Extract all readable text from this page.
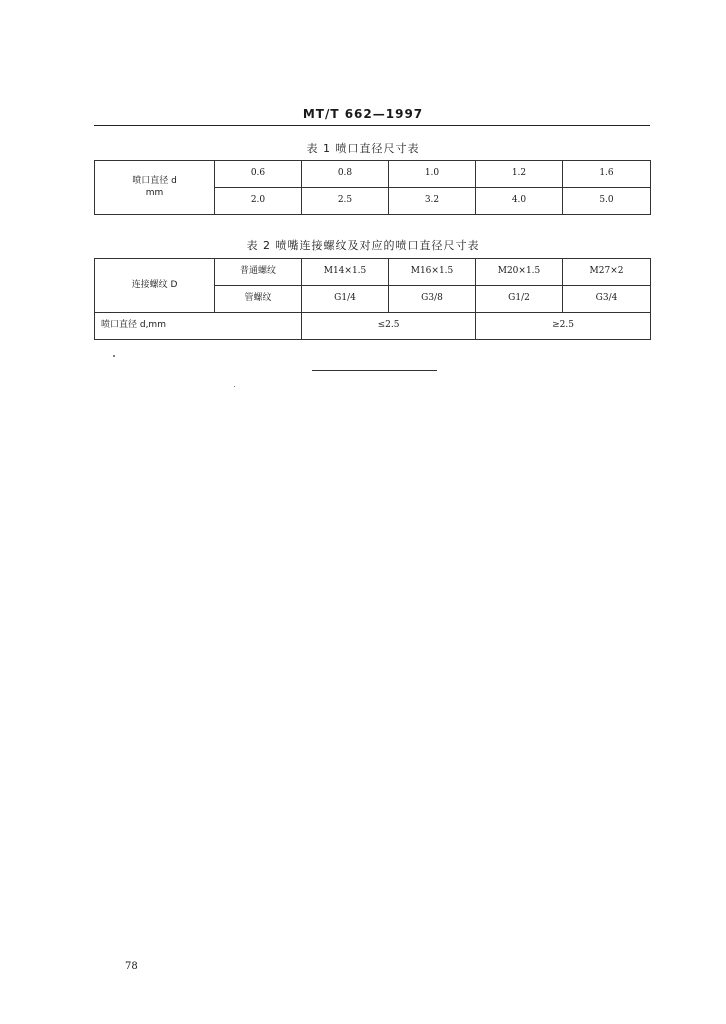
MT/T 662—1997
表 1 喷口直径尺寸表
喷口直径 d
mm	0.6	0.8	1.0	1.2	1.6
	2.0	2.5	3.2	4.0	5.0
表 2 喷嘴连接螺纹及对应的喷口直径尺寸表
连接螺纹 D	普通螺纹	M14×1.5	M16×1.5	M20×1.5	M27×2
	管螺纹	G1/4	G3/8	G1/2	G3/4
喷口直径 d,mm		≤2.5		≥2.5	
78
